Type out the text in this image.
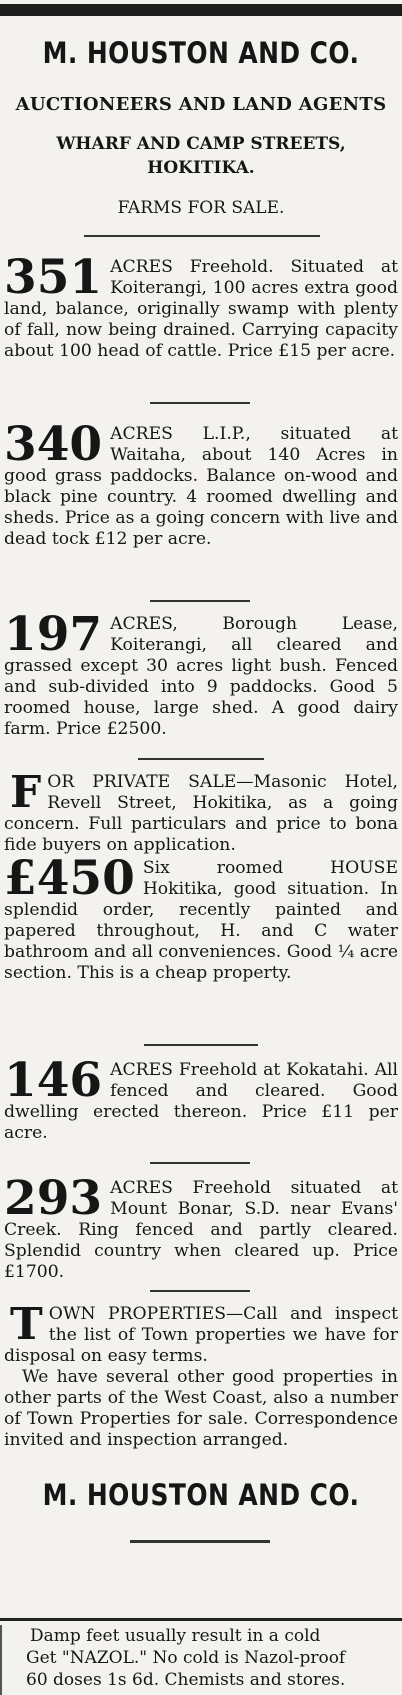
M. HOUSTON AND CO.
AUCTIONEERS AND LAND AGENTS
WHARF AND CAMP STREETS,
HOKITIKA.
FARMS FOR SALE.
351 ACRES Freehold. Situated at Koiterangi, 100 acres extra good land, balance, originally swamp with plenty of fall, now being drained. Carrying capacity about 100 head of cattle. Price £15 per acre.

340 ACRES L.I.P., situated at Waitaha, about 140 Acres in good grass paddocks. Balance on-wood and black pine country. 4 roomed dwelling and sheds. Price as a going concern with live and dead tock £12 per acre.

197 ACRES, Borough Lease, Koiterangi, all cleared and grassed except 30 acres light bush. Fenced and sub-divided into 9 paddocks. Good 5 roomed house, large shed. A good dairy farm. Price £2500.

F OR PRIVATE SALE—Masonic Hotel, Revell Street, Hokitika, as a going concern. Full particulars and price to bona fide buyers on application.

£450 Six roomed HOUSE Hokitika, good situation. In splendid order, recently painted and papered throughout, H. and C water bathroom and all conveniences. Good ¼ acre section. This is a cheap property.

146 ACRES Freehold at Kokatahi. All fenced and cleared. Good dwelling erected thereon. Price £11 per acre.

293 ACRES Freehold situated at Mount Bonar, S.D. near Evans' Creek. Ring fenced and partly cleared. Splendid country when cleared up. Price £1700.

T OWN PROPERTIES—Call and inspect the list of Town properties we have for disposal on easy terms.

We have several other good properties in other parts of the West Coast, also a number of Town Properties for sale. Correspondence invited and inspection arranged.

M. HOUSTON AND CO.
Damp feet usually result in a cold
Get "NAZOL." No cold is Nazol-proof
60 doses 1s 6d. Chemists and stores.
